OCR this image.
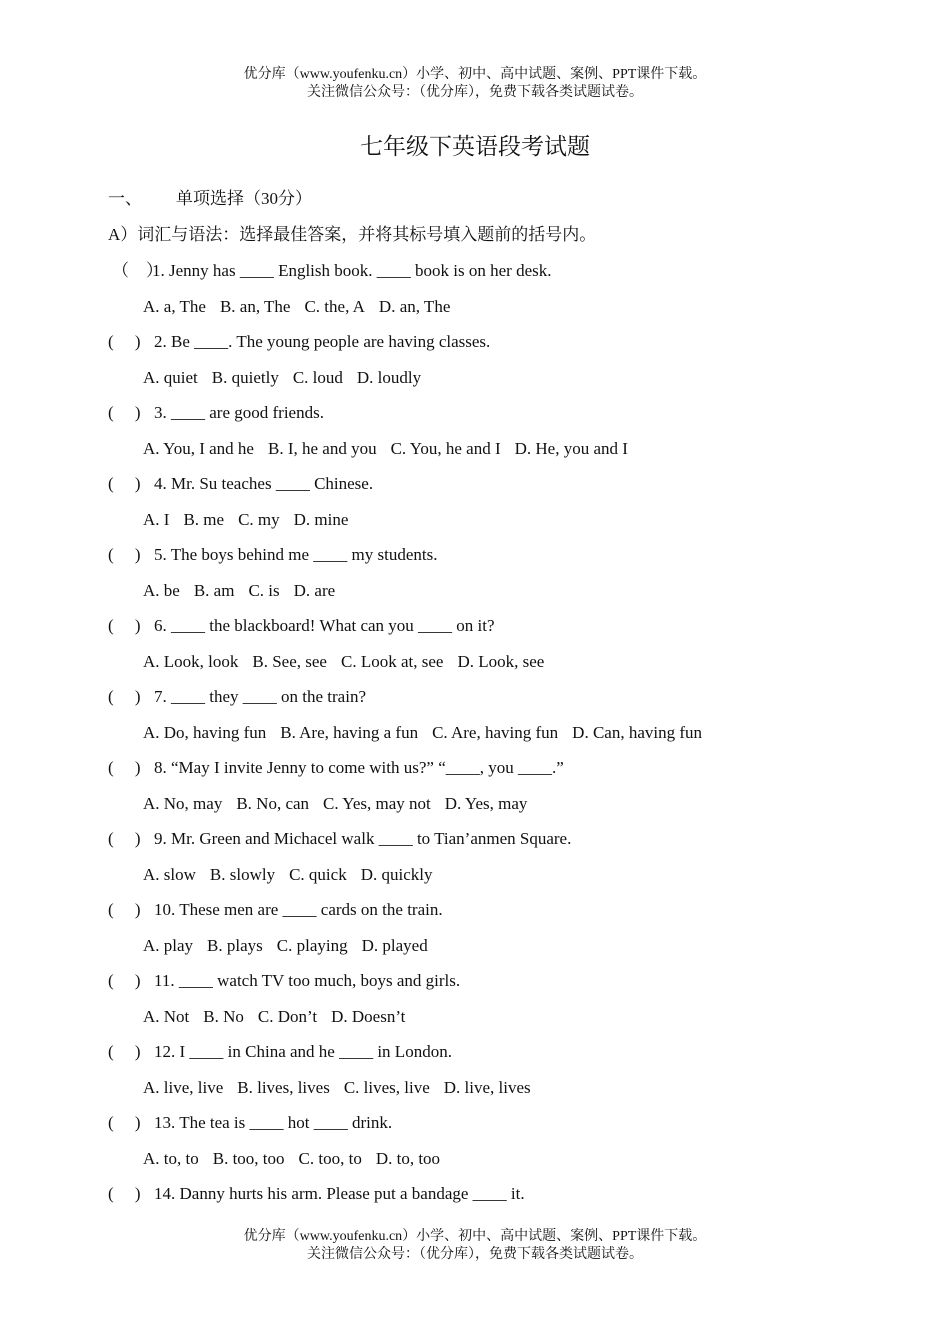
优分库（www.youfenku.cn）小学、初中、高中试题、案例、PPT课件下载。
关注微信公众号：（优分库），免费下载各类试题试卷。
七年级下英语段考试题
一、 单项选择（30分）
A）词汇与语法：选择最佳答案，并将其标号填入题前的括号内。
（　）1. Jenny has ____ English book. ____ book is on her desk.
A. a, The B. an, The C. the, A D. an, The
(　 ) 2. Be ____. The young people are having classes.
A. quiet B. quietly C. loud D. loudly
(　 ) 3. ____ are good friends.
A. You, I and he B. I, he and you C. You, he and I D. He, you and I
(　 ) 4. Mr. Su teaches ____ Chinese.
A. I B. me C. my D. mine
(　 ) 5. The boys behind me ____ my students.
A. be B. am C. is D. are
(　 ) 6. ____ the blackboard! What can you ____ on it?
A. Look, look B. See, see C. Look at, see D. Look, see
(　 ) 7. ____ they ____ on the train?
A. Do, having fun B. Are, having a fun C. Are, having fun D. Can, having fun
(　 ) 8. “May I invite Jenny to come with us?” “____, you ____.”
A. No, may B. No, can C. Yes, may not D. Yes, may
(　 ) 9. Mr. Green and Michacel walk ____ to Tian’anmen Square.
A. slow B. slowly C. quick D. quickly
(　 ) 10. These men are ____ cards on the train.
A. play B. plays C. playing D. played
(　 ) 11. ____ watch TV too much, boys and girls.
A. Not B. No C. Don’t D. Doesn’t
(　 ) 12. I ____ in China and he ____ in London.
A. live, live B. lives, lives C. lives, live D. live, lives
(　 ) 13. The tea is ____ hot ____ drink.
A. to, to B. too, too C. too, to D. to, too
(　 ) 14. Danny hurts his arm. Please put a bandage ____ it.
优分库（www.youfenku.cn）小学、初中、高中试题、案例、PPT课件下载。
关注微信公众号：（优分库），免费下载各类试题试卷。
